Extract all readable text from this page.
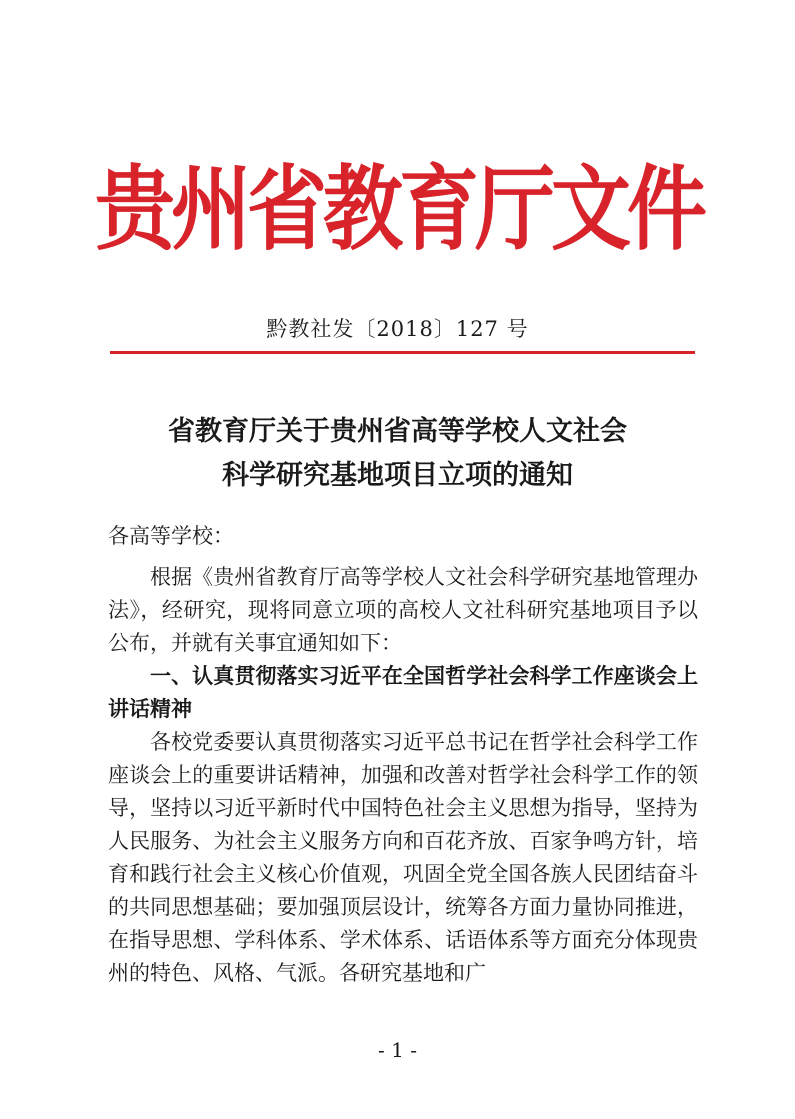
贵州省教育厅文件
黔教社发〔2018〕127 号
省教育厅关于贵州省高等学校人文社会
科学研究基地项目立项的通知

各高等学校：

根据《贵州省教育厅高等学校人文社会科学研究基地管理办法》，经研究，现将同意立项的高校人文社科研究基地项目予以公布，并就有关事宜通知如下：

一、认真贯彻落实习近平在全国哲学社会科学工作座谈会上讲话精神

各校党委要认真贯彻落实习近平总书记在哲学社会科学工作座谈会上的重要讲话精神，加强和改善对哲学社会科学工作的领导，坚持以习近平新时代中国特色社会主义思想为指导，坚持为人民服务、为社会主义服务方向和百花齐放、百家争鸣方针，培育和践行社会主义核心价值观，巩固全党全国各族人民团结奋斗的共同思想基础；要加强顶层设计，统筹各方面力量协同推进，在指导思想、学科体系、学术体系、话语体系等方面充分体现贵州的特色、风格、气派。各研究基地和广

- 1 -
